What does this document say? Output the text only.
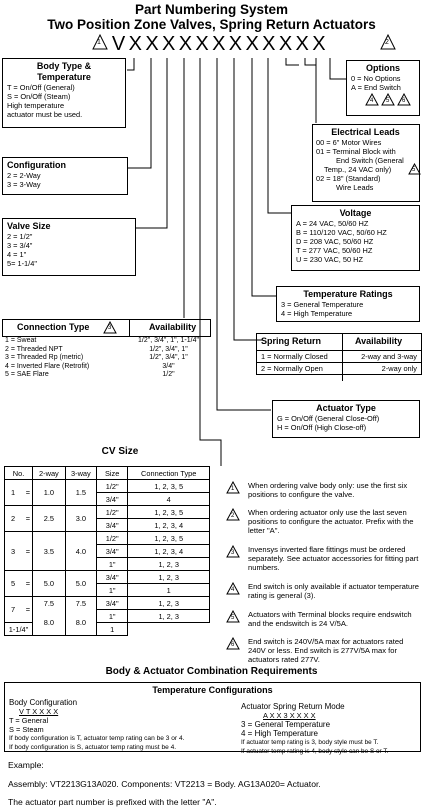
Part Numbering System
Two Position Zone Valves, Spring Return Actuators
1 V X X X X X X X X X X X X	2
Body Type &
Temperature
T = On/Off (General)
S = On/Off (Steam)
High temperature
actuator must be used.
Configuration
2 = 2-Way
3 = 3-Way
Valve Size
2 = 1/2"
3 = 3/4"
4 = 1"
5= 1-1/4"
Connection Type	3	Availability
1 = Sweat	1/2", 3/4", 1", 1-1/4"
2 = Threaded NPT	1/2", 3/4", 1"
3 = Threaded Rp (metric)	1/2", 3/4", 1"
4 = Inverted Flare (Retrofit)	3/4"
5 = SAE Flare	1/2"
Options
0 = No Options
A = End Switch
4 5 6
Electrical Leads
00 = 6" Motor Wires
01 = Terminal Block with
End Switch (General
Temp., 24 VAC only)	5
02 = 18" (Standard)
Wire Leads
Voltage
A = 24 VAC, 50/60 HZ
B = 110/120 VAC, 50/60 HZ
D = 208 VAC, 50/60 HZ
T = 277 VAC, 50/60 HZ
U = 230 VAC, 50 HZ
Temperature Ratings
3 = General Temperature
4 = High Temperature
Spring Return	Availability
1 = Normally Closed	2-way and 3-way
2 = Normally Open	2-way only
Actuator Type
G = On/Off (General Close-Off)
H = On/Off (High Close-off)
CV Size
No.	2-way	3-way	Size	Connection Type
1 =	1.0	1.5	1/2"	1, 2, 3, 5
			3/4"	4
2 =	2.5	3.0	1/2"	1, 2, 3, 5
			3/4"	1, 2, 3, 4
3 =	3.5	4.0	1/2"	1, 2, 3, 5
			3/4"	1, 2, 3, 4
			1"	1, 2, 3
5 =	5.0	5.0	3/4"	1, 2, 3
			1"	1
7 =	7.5	7.5	3/4"	1, 2, 3
	8.0	8.0	1"	1, 2, 3
1-1/4"			1	
1 When ordering valve body only: use the first six positions to configure the valve.
2 When ordering actuator only use the last seven positions to configure the actuator. Prefix with the letter "A".
3 Invensys inverted flare fittings must be ordered separately. See actuator accessories for fitting part numbers.
4 End switch is only available if actuator temperature rating is general (3).
5 Actuators with Terminal blocks require endswitch and the endswitch is 24 V/5A.
6 End switch is 240V/5A max for actuators rated 240V or less. End switch is 277V/5A max for actuators rated 277V.
Body & Actuator Combination Requirements
Temperature Configurations
Body Configuration
V T X X X X
T = General
S = Steam
If body configuration is T, actuator temp rating can be 3 or 4.
If body configuration is S, actuator temp rating must be 4.
Actuator Spring Return Mode
A X X 3 X X X X
3 = General Temperature
4 = High Temperature
If actuator temp rating is 3, body style must be T.
If actuator temp rating is 4, body style can be S or T.
Example:
Assembly: VT2213G13A020. Components: VT2213 = Body. AG13A020= Actuator.
The actuator part number is prefixed with the letter "A".
